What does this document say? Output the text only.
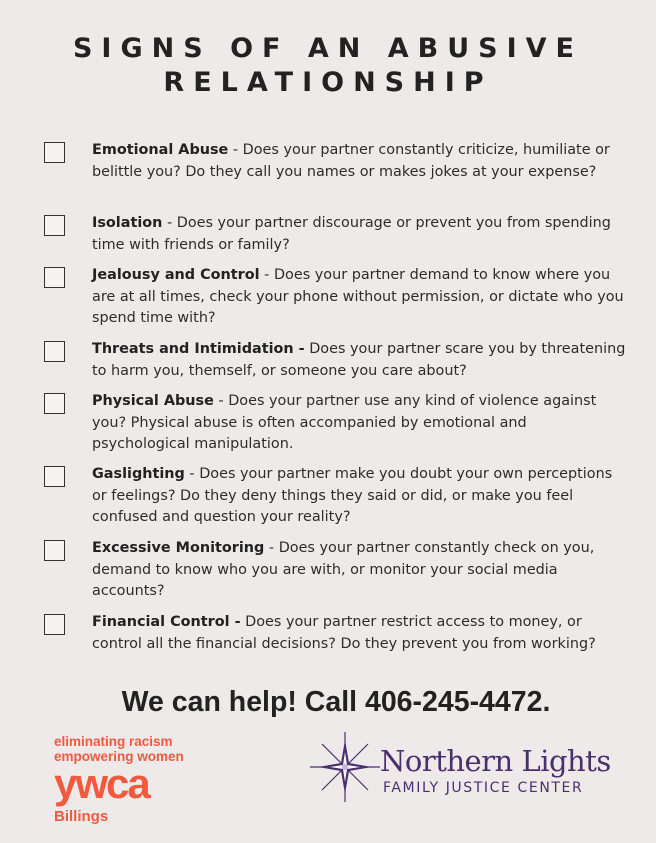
SIGNS OF AN ABUSIVE
RELATIONSHIP
Emotional Abuse - Does your partner constantly criticize, humiliate or belittle you? Do they call you names or makes jokes at your expense?
Isolation - Does your partner discourage or prevent you from spending time with friends or family?
Jealousy and Control - Does your partner demand to know where you are at all times, check your phone without permission, or dictate who you spend time with?
Threats and Intimidation - Does your partner scare you by threatening to harm you, themself, or someone you care about?
Physical Abuse - Does your partner use any kind of violence against you? Physical abuse is often accompanied by emotional and psychological manipulation.
Gaslighting - Does your partner make you doubt your own perceptions or feelings? Do they deny things they said or did, or make you feel confused and question your reality?
Excessive Monitoring - Does your partner constantly check on you, demand to know who you are with, or monitor your social media accounts?
Financial Control - Does your partner restrict access to money, or control all the financial decisions? Do they prevent you from working?
We can help! Call 406-245-4472.
eliminating racism
empowering women
ywca
Billings
Northern Lights
FAMILY JUSTICE CENTER
